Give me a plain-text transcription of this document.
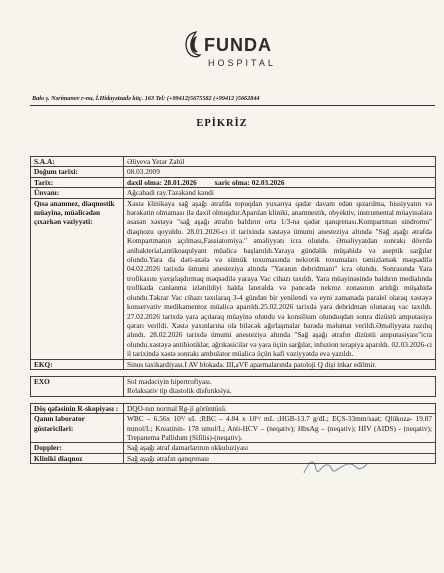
FUNDA
HOSPITAL
Bakı ş. Nərimanov r-nu, İ.Hidayətzadə küç. 163 Tel: (+99412)5675582 (+99412 )5662844
EPİKRİZ
S.A.A:	Əliyeva Yetər Zabil
Doğum tarixi:	08.03.2009
Tarix:	daxil olma: 28.01.2026 xaric olma: 02.03.2026
Ünvanı:	Ağcabadi ray.Təzəkənd kəndi
Qısa anamnez, diaqnostik müayinə, müalicədən çıxarkən vəziyyəti:	Xəstə klinikaya sağ aşağı ətrafda topuqdan yuxarıya qədər davam edən qızarılma, hissiyyatın və hərəkətin olmaması ilə daxil olmuşdur.Aparılan kliniki, anamnestik, obyektiv, instrumental müayinələrə əsasən xəstəyə "sağ aşağı ətrafın baldırın orta 1/3-nə qədər qanqrenası.Kompartman sindromu" diaqnozu qoyuldu. 28.01.2026-cı il tarixində xəstəyə ümumi anesteziya altında "Sağ aşağı ətrafda Kompartmanın açılması,Fassiatomiya." əməliyyatı icra olundu. Əməliyyatdan sonrakı dövrdə anibakterial,antikoaqulyant müalicə başlanıldı.Yaraya gündəlik müşahidə və aseptik sarğılar olundu.Yara da dəri-əzələ və sümük toxumasında nekrotik toxumaları təmizləmək məqsədilə 04.02.2026 tarixdə ümumi anesteziya altında "Yaranın debridmanı" icra olundu. Sonrasında Yara trofikasını yaxşılaşdırmaq məqsədilə yaraya Vac cihazı taxıldı. Yara müayinəsində baldırın medialında trofikada canlanma izlənildiyi halda lateralda və pəncədə nekroz zonasının artdığı müşahidə olundu.Təkrar Vac cihazı taxılaraq 3-4 gündən bir yenilendi və eyni zamanada paralel olaraq xəstəyə konservativ medikamentoz müalicə aparıldı.25.02.2026 tarixdə yara debridman olunaraq vac taxıldı. 27.02.2026 tarixdə yara açılaraq müayinə olundu və konsilium olunduqdan sonra dizüstü amputasiya qərarı verildi. Xəstə yaxınlarına ola biləcək ağırlaşmalar barədə məlumat verildi.Əməliyyata razılıq alındı. 28.02.2026 tarixdə ümumi anesteziya altında "Sağ aşağı ətrafın dizüstü amputasiyası"icra olundu.xəstəyə antibiotiklər, ağrıkəsicilər və yara üçün sarğılar, infuzion terapiya aparıldı. 02.03.2026-ci il tarixində xəstə sonrakı ambulator müalicə üçün kafi vəziyyətdə evə yazıldı.
EKQ:	Sinus taxikardiyası.I AV blokada. III,aVF aparmalarında patoloji Q dişi inkar edilmir.

EXO	Sol mədəciyin hipertrofiyası.
Relaksativ tip diastolik disfunksiya.

Döş qəfəsinin R-skopiyası :	DQO-nın normal Rg-ji görüntüsü.
Qanın laborator göstəriciləri:	WBC – 6.56x 10³/ uL ;RBC – 4.84 x 10⁶/ mL ;HGB-13.7 g/dL; EÇS-33mm/saat; Qlükoza- 19.87 mmol/L; Kreatinin- 178 umol/L; Anti-HCV – (neqativ); HbsAg – (neqativ); HİV (AIDS) - (neqativ); Trepanema Pallidum (Sifilis)-(neqativ).
Doppler:	Sağ aşağı ətraf damarlarının okkuluziyası
Kliniki diaqnoz	Sağ aşağı ətrafın qanqrenası
